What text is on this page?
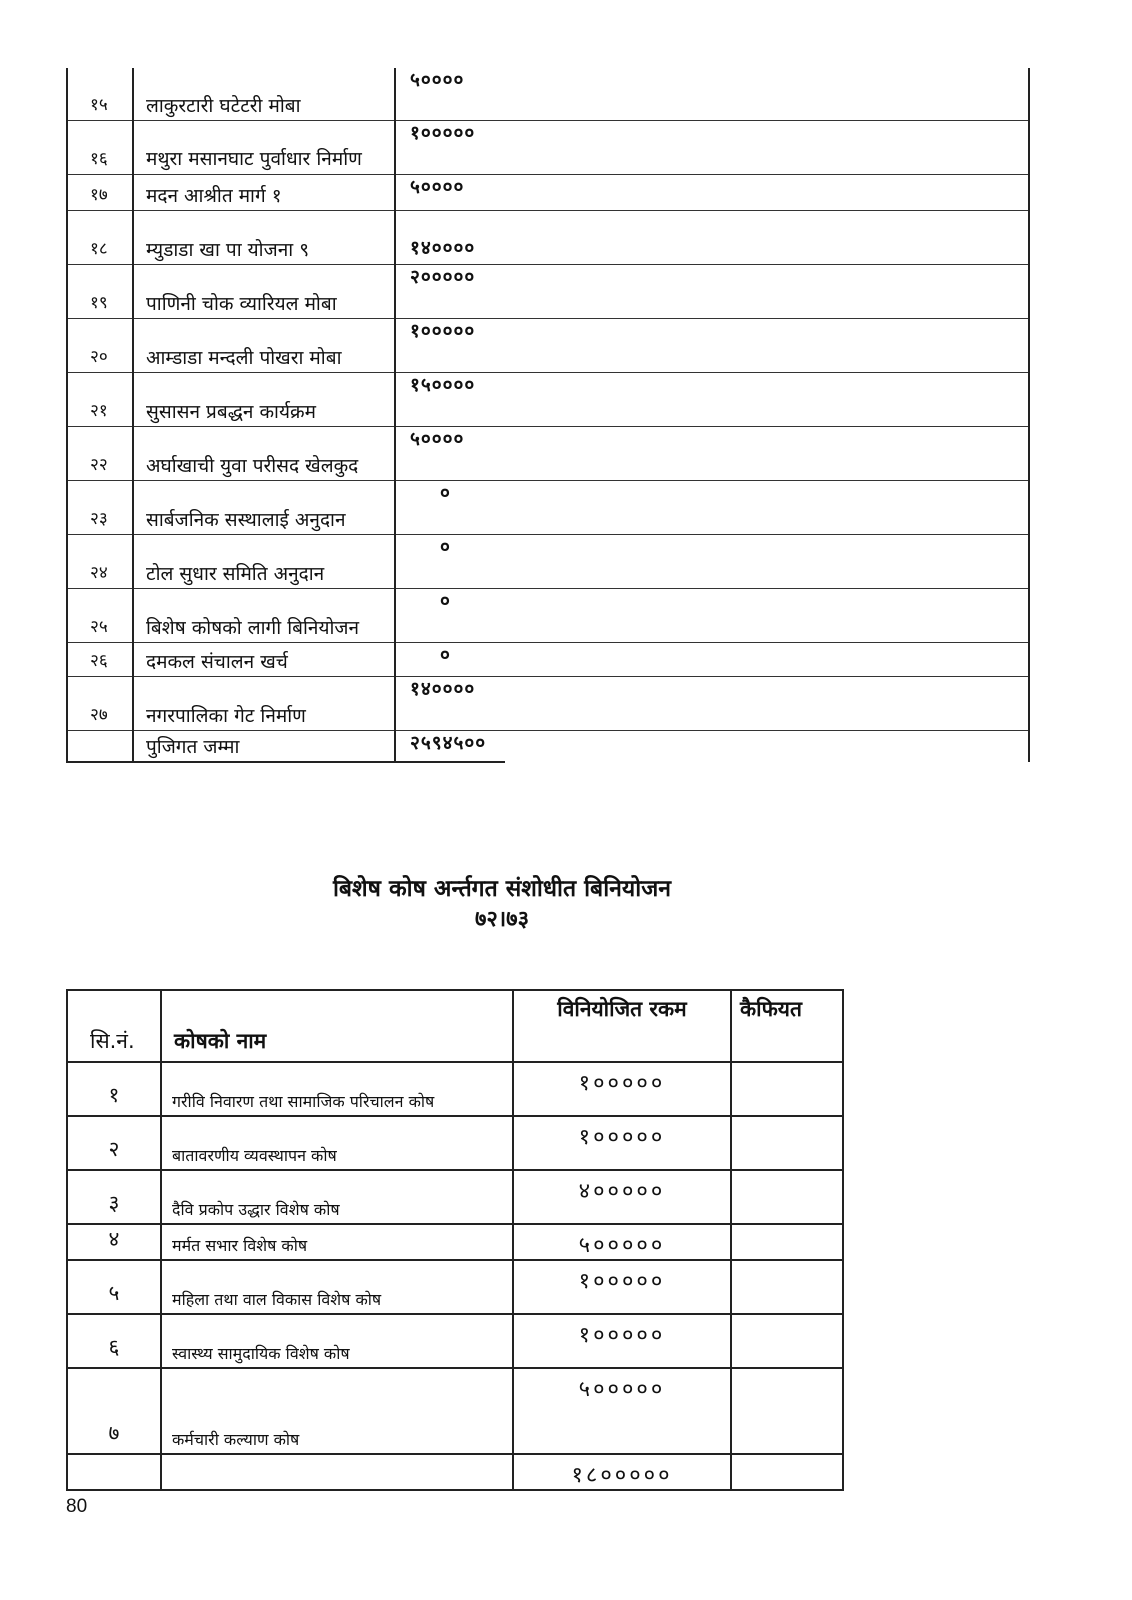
१५	लाकुरटारी घटेटरी मोबा	५००००	
१६	मथुरा मसानघाट पुर्वाधार निर्माण	१०००००	
१७	मदन आश्रीत मार्ग १	५००००	
१८	म्युडाडा खा पा योजना ९	१४००००	
१९	पाणिनी चोक व्यारियल मोबा	२०००००	
२०	आम्डाडा मन्दली पोखरा मोबा	१०००००	
२१	सुसासन प्रबद्धन कार्यक्रम	१५००००	
२२	अर्घाखाची युवा परीसद खेलकुद	५००००	
२३	सार्बजनिक सस्थालाई अनुदान	०	
२४	टोल सुधार समिति अनुदान	०	
२५	बिशेष कोषको लागी बिनियोजन	०	
२६	दमकल संचालन खर्च	०	
२७	नगरपालिका गेट निर्माण	१४००००	
	पुजिगत जम्मा	२५९४५००	
बिशेष कोष अर्न्तगत संशोधीत बिनियोजन
७२।७३
सि.नं.	कोषको नाम	विनियोजित रकम	कैफियत
१	गरीवि निवारण तथा सामाजिक परिचालन कोष	१०००००	
२	बातावरणीय व्यवस्थापन कोष	१०००००	
३	दैवि प्रकोप उद्धार विशेष कोष	४०००००	
४	मर्मत सभार विशेष कोष	५०००००	
५	महिला तथा वाल विकास विशेष कोष	१०००००	
६	स्वास्थ्य सामुदायिक विशेष कोष	१०००००	
७	कर्मचारी कल्याण कोष	५०००००	
		१८०००००	
80
